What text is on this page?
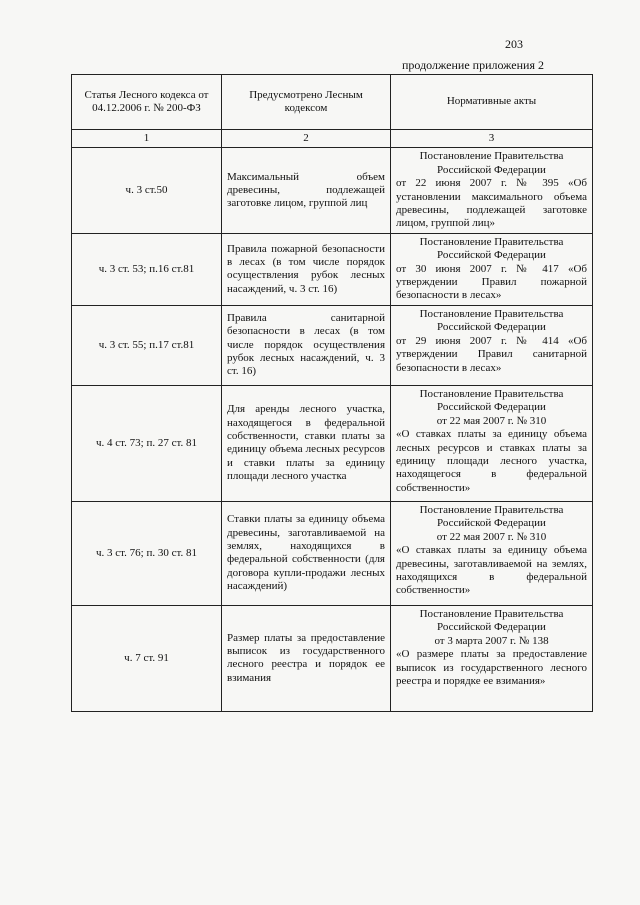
203
продолжение приложения 2
Статья Лесного кодекса от 04.12.2006 г. № 200-ФЗ	Предусмотрено Лесным кодексом	Нормативные акты
1	2	3
ч. 3 ст.50	Максимальный объем древесины, подлежащей заготовке лицом, группой лиц	Постановление Правительства Российской Федерации
от 22 июня 2007 г. № 395 «Об установлении максимального объема древесины, подлежащей заготовке лицом, группой лиц»
ч. 3 ст. 53; п.16 ст.81	Правила пожарной безопасности в лесах (в том числе порядок осуществления рубок лесных насаждений, ч. 3 ст. 16)	Постановление Правительства Российской Федерации
от 30 июня 2007 г. № 417 «Об утверждении Правил пожарной безопасности в лесах»
ч. 3 ст. 55; п.17 ст.81	Правила санитарной безопасности в лесах (в том числе порядок осуществления рубок лесных насаждений, ч. 3 ст. 16)	Постановление Правительства Российской Федерации
от 29 июня 2007 г. № 414 «Об утверждении Правил санитарной безопасности в лесах»
ч. 4 ст. 73; п. 27 ст. 81	Для аренды лесного участка, находящегося в федеральной собственности, ставки платы за единицу объема лесных ресурсов и ставки платы за единицу площади лесного участка	Постановление Правительства Российской Федерации
от 22 мая 2007 г. № 310
«О ставках платы за единицу объема лесных ресурсов и ставках платы за единицу площади лесного участка, находящегося в федеральной собственности»
ч. 3 ст. 76; п. 30 ст. 81	Ставки платы за единицу объема древесины, заготавливаемой на землях, находящихся в федеральной собственности (для договора купли-продажи лесных насаждений)	Постановление Правительства Российской Федерации
от 22 мая 2007 г. № 310
«О ставках платы за единицу объема древесины, заготавливаемой на землях, находящихся в федеральной собственности»
ч. 7 ст. 91	Размер платы за предоставление выписок из государственного лесного реестра и порядок ее взимания	Постановление Правительства Российской Федерации
от 3 марта 2007 г. № 138
«О размере платы за предоставление выписок из государственного лесного реестра и порядке ее взимания»
